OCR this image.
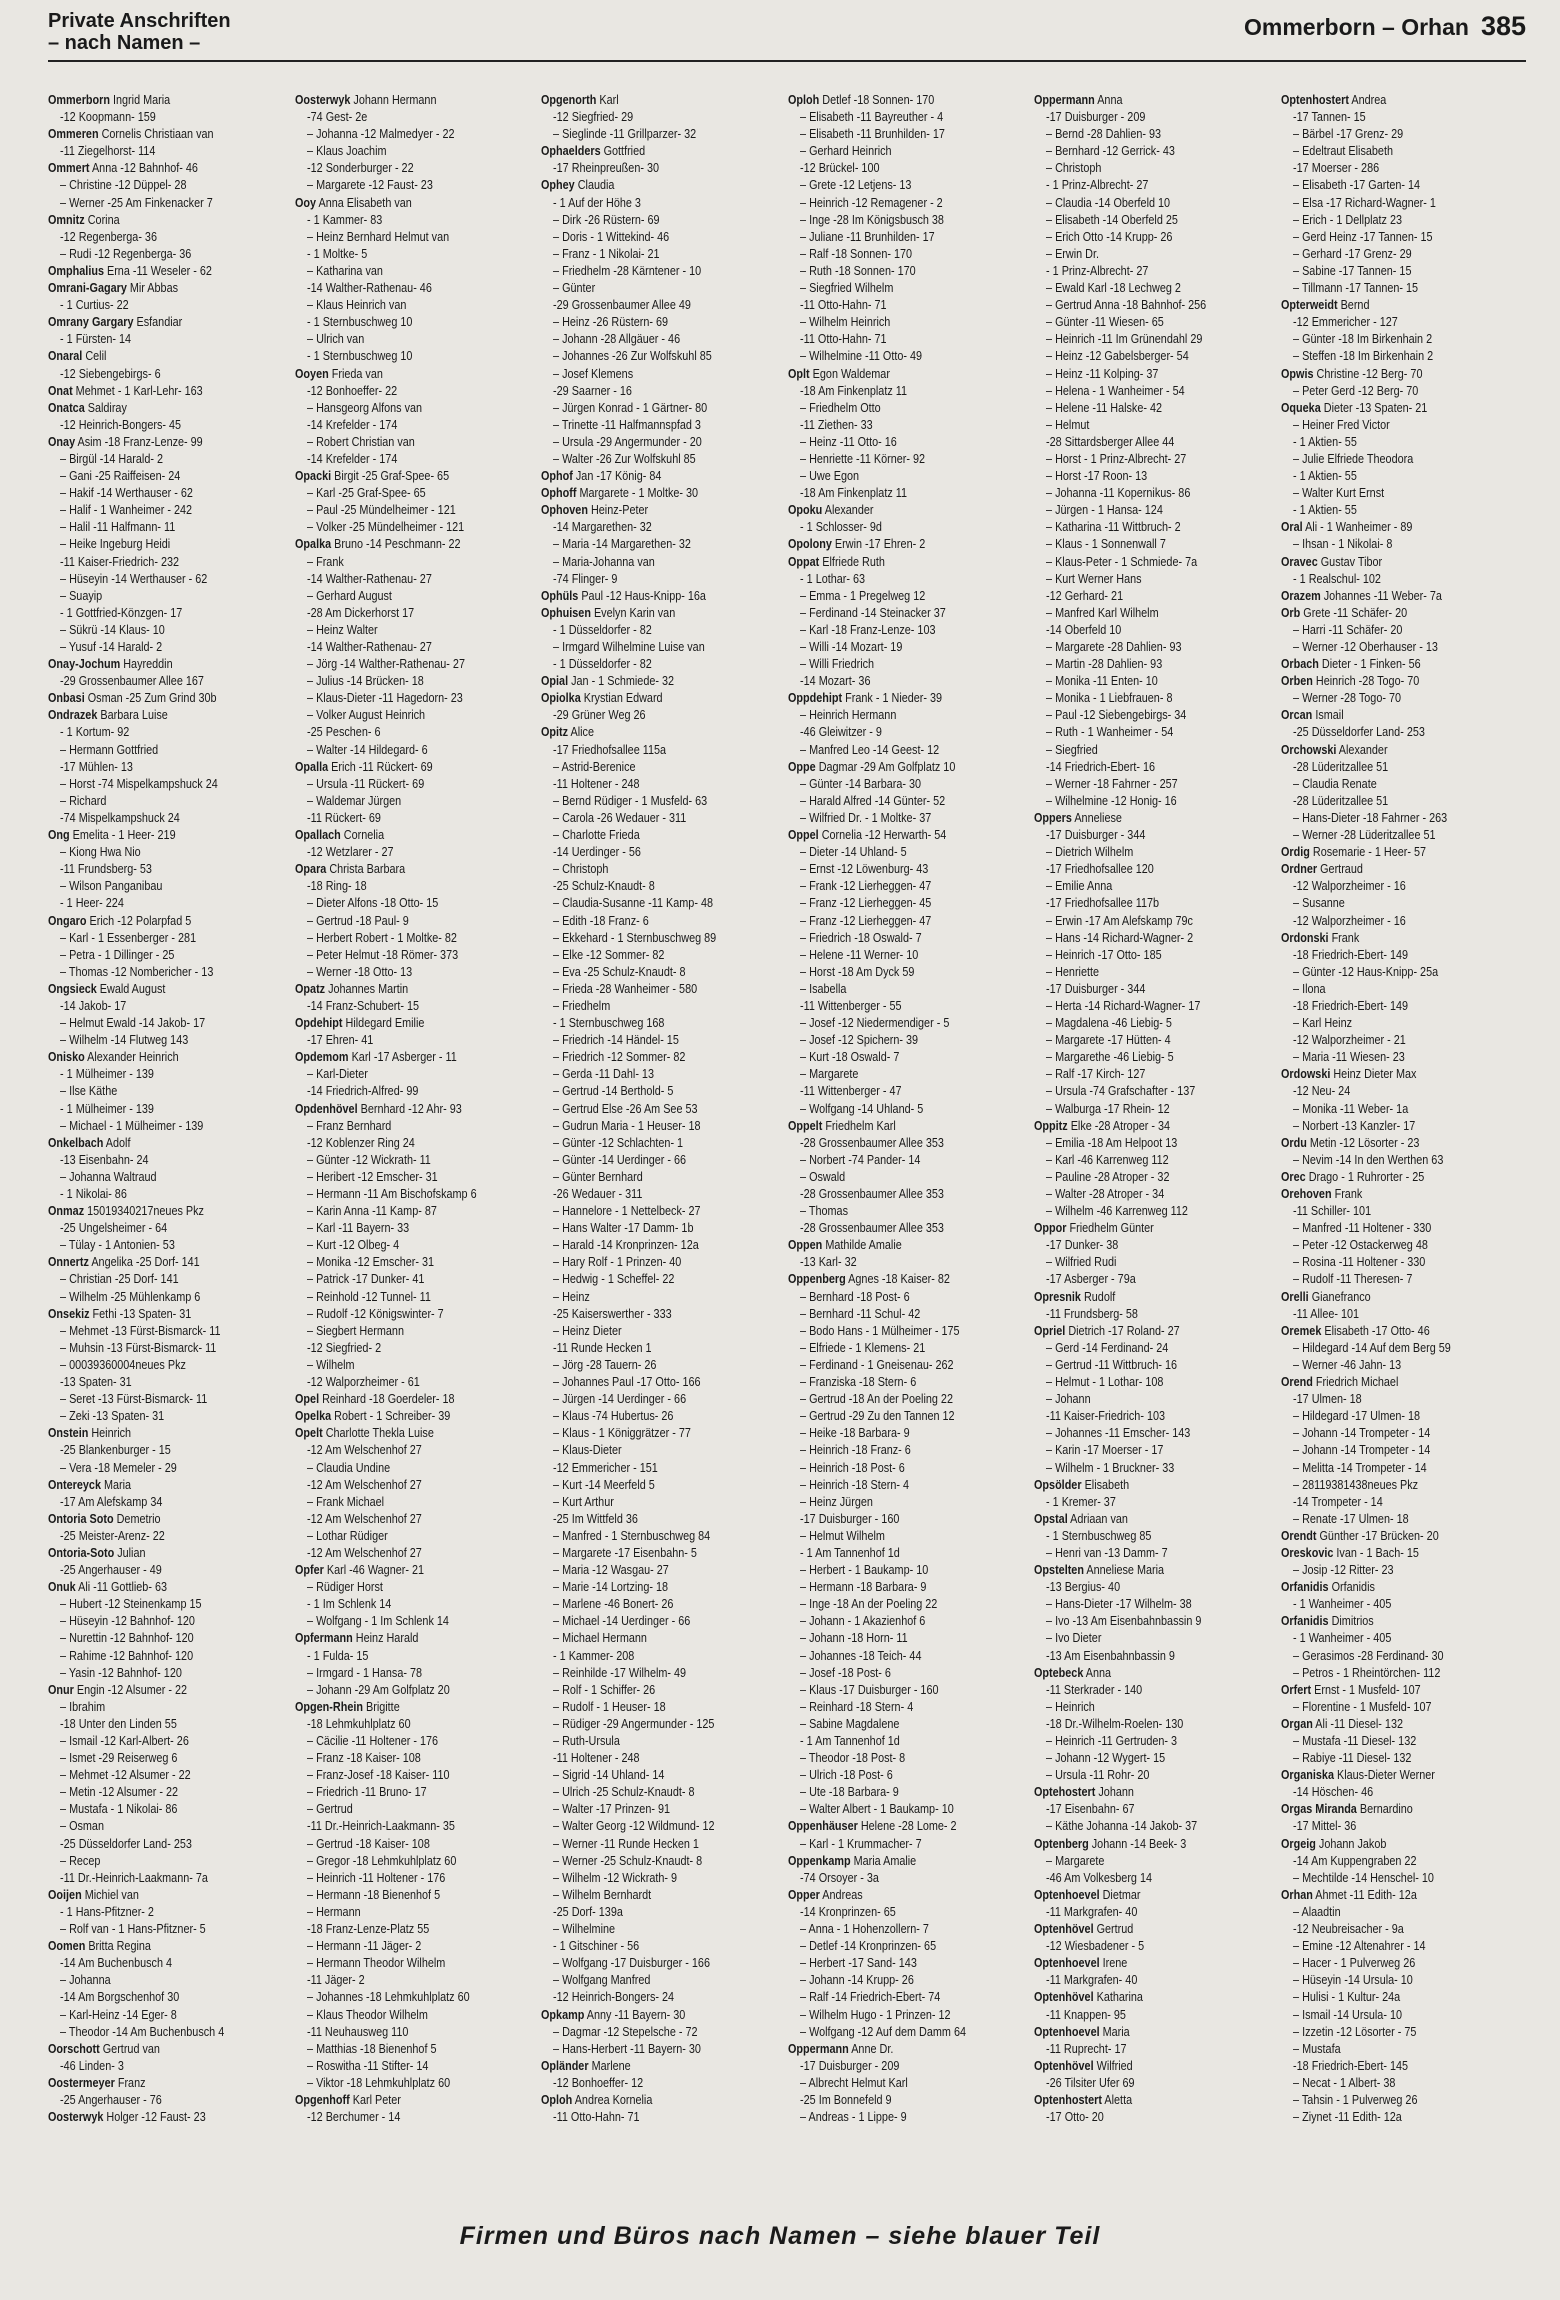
Private Anschriften
– nach Namen –
Ommerborn – Orhan 385
Ommerborn Ingrid Maria
-12 Koopmann- 159
Ommeren Cornelis Christiaan van
-11 Ziegelhorst- 114
Ommert Anna -12 Bahnhof- 46
– Christine -12 Düppel- 28
– Werner -25 Am Finkenacker 7
Omnitz Corina
-12 Regenberga- 36
– Rudi -12 Regenberga- 36
Omphalius Erna -11 Weseler - 62
Omrani-Gagary Mir Abbas
- 1 Curtius- 22
Omrany Gargary Esfandiar
- 1 Fürsten- 14
Onaral Celil
-12 Siebengebirgs- 6
Onat Mehmet - 1 Karl-Lehr- 163
Onatca Saldiray
-12 Heinrich-Bongers- 45
Onay Asim -18 Franz-Lenze- 99
– Birgül -14 Harald- 2
– Gani -25 Raiffeisen- 24
– Hakif -14 Werthauser - 62
– Halif - 1 Wanheimer - 242
– Halil -11 Halfmann- 11
– Heike Ingeburg Heidi
-11 Kaiser-Friedrich- 232
– Hüseyin -14 Werthauser - 62
– Suayip
- 1 Gottfried-Könzgen- 17
– Sükrü -14 Klaus- 10
– Yusuf -14 Harald- 2
Onay-Jochum Hayreddin
-29 Grossenbaumer Allee 167
Onbasi Osman -25 Zum Grind 30b
Ondrazek Barbara Luise
- 1 Kortum- 92
– Hermann Gottfried
-17 Mühlen- 13
– Horst -74 Mispelkampshuck 24
– Richard
-74 Mispelkampshuck 24
Ong Emelita - 1 Heer- 219
– Kiong Hwa Nio
-11 Frundsberg- 53
– Wilson Panganibau
- 1 Heer- 224
Ongaro Erich -12 Polarpfad 5
– Karl - 1 Essenberger - 281
– Petra - 1 Dillinger - 25
– Thomas -12 Nombericher - 13
Ongsieck Ewald August
-14 Jakob- 17
– Helmut Ewald -14 Jakob- 17
– Wilhelm -14 Flutweg 143
Onisko Alexander Heinrich
- 1 Mülheimer - 139
– Ilse Käthe
- 1 Mülheimer - 139
– Michael - 1 Mülheimer - 139
Onkelbach Adolf
-13 Eisenbahn- 24
– Johanna Waltraud
- 1 Nikolai- 86
Onmaz 15019340217neues Pkz
-25 Ungelsheimer - 64
– Tülay - 1 Antonien- 53
Onnertz Angelika -25 Dorf- 141
– Christian -25 Dorf- 141
– Wilhelm -25 Mühlenkamp 6
Onsekiz Fethi -13 Spaten- 31
– Mehmet -13 Fürst-Bismarck- 11
– Muhsin -13 Fürst-Bismarck- 11
– 00039360004neues Pkz
-13 Spaten- 31
– Seret -13 Fürst-Bismarck- 11
– Zeki -13 Spaten- 31
Onstein Heinrich
-25 Blankenburger - 15
– Vera -18 Memeler - 29
Ontereyck Maria
-17 Am Alefskamp 34
Ontoria Soto Demetrio
-25 Meister-Arenz- 22
Ontoria-Soto Julian
-25 Angerhauser - 49
Onuk Ali -11 Gottlieb- 63
– Hubert -12 Steinenkamp 15
– Hüseyin -12 Bahnhof- 120
– Nurettin -12 Bahnhof- 120
– Rahime -12 Bahnhof- 120
– Yasin -12 Bahnhof- 120
Onur Engin -12 Alsumer - 22
– Ibrahim
-18 Unter den Linden 55
– Ismail -12 Karl-Albert- 26
– Ismet -29 Reiserweg 6
– Mehmet -12 Alsumer - 22
– Metin -12 Alsumer - 22
– Mustafa - 1 Nikolai- 86
– Osman
-25 Düsseldorfer Land- 253
– Recep
-11 Dr.-Heinrich-Laakmann- 7a
Ooijen Michiel van
- 1 Hans-Pfitzner- 2
– Rolf van - 1 Hans-Pfitzner- 5
Oomen Britta Regina
-14 Am Buchenbusch 4
– Johanna
-14 Am Borgschenhof 30
– Karl-Heinz -14 Eger- 8
– Theodor -14 Am Buchenbusch 4
Oorschott Gertrud van
-46 Linden- 3
Oostermeyer Franz
-25 Angerhauser - 76
Oosterwyk Holger -12 Faust- 23
Oosterwyk Johann Hermann
-74 Gest- 2e
– Johanna -12 Malmedyer - 22
– Klaus Joachim
-12 Sonderburger - 22
– Margarete -12 Faust- 23
Ooy Anna Elisabeth van
- 1 Kammer- 83
– Heinz Bernhard Helmut van
- 1 Moltke- 5
– Katharina van
-14 Walther-Rathenau- 46
– Klaus Heinrich van
- 1 Sternbuschweg 10
– Ulrich van
- 1 Sternbuschweg 10
Ooyen Frieda van
-12 Bonhoeffer- 22
– Hansgeorg Alfons van
-14 Krefelder - 174
– Robert Christian van
-14 Krefelder - 174
Opacki Birgit -25 Graf-Spee- 65
– Karl -25 Graf-Spee- 65
– Paul -25 Mündelheimer - 121
– Volker -25 Mündelheimer - 121
Opalka Bruno -14 Peschmann- 22
– Frank
-14 Walther-Rathenau- 27
– Gerhard August
-28 Am Dickerhorst 17
– Heinz Walter
-14 Walther-Rathenau- 27
– Jörg -14 Walther-Rathenau- 27
– Julius -14 Brücken- 18
– Klaus-Dieter -11 Hagedorn- 23
– Volker August Heinrich
-25 Peschen- 6
– Walter -14 Hildegard- 6
Opalla Erich -11 Rückert- 69
– Ursula -11 Rückert- 69
– Waldemar Jürgen
-11 Rückert- 69
Opallach Cornelia
-12 Wetzlarer - 27
Opara Christa Barbara
-18 Ring- 18
– Dieter Alfons -18 Otto- 15
– Gertrud -18 Paul- 9
– Herbert Robert - 1 Moltke- 82
– Peter Helmut -18 Römer- 373
– Werner -18 Otto- 13
Opatz Johannes Martin
-14 Franz-Schubert- 15
Opdehipt Hildegard Emilie
-17 Ehren- 41
Opdemom Karl -17 Asberger - 11
– Karl-Dieter
-14 Friedrich-Alfred- 99
Opdenhövel Bernhard -12 Ahr- 93
– Franz Bernhard
-12 Koblenzer Ring 24
– Günter -12 Wickrath- 11
– Heribert -12 Emscher- 31
– Hermann -11 Am Bischofskamp 6
– Karin Anna -11 Kamp- 87
– Karl -11 Bayern- 33
– Kurt -12 Olbeg- 4
– Monika -12 Emscher- 31
– Patrick -17 Dunker- 41
– Reinhold -12 Tunnel- 11
– Rudolf -12 Königswinter- 7
– Siegbert Hermann
-12 Siegfried- 2
– Wilhelm
-12 Walporzheimer - 61
Opel Reinhard -18 Goerdeler- 18
Opelka Robert - 1 Schreiber- 39
Opelt Charlotte Thekla Luise
-12 Am Welschenhof 27
– Claudia Undine
-12 Am Welschenhof 27
– Frank Michael
-12 Am Welschenhof 27
– Lothar Rüdiger
-12 Am Welschenhof 27
Opfer Karl -46 Wagner- 21
– Rüdiger Horst
- 1 Im Schlenk 14
– Wolfgang - 1 Im Schlenk 14
Opfermann Heinz Harald
- 1 Fulda- 15
– Irmgard - 1 Hansa- 78
– Johann -29 Am Golfplatz 20
Opgen-Rhein Brigitte
-18 Lehmkuhlplatz 60
– Cäcilie -11 Holtener - 176
– Franz -18 Kaiser- 108
– Franz-Josef -18 Kaiser- 110
– Friedrich -11 Bruno- 17
– Gertrud
-11 Dr.-Heinrich-Laakmann- 35
– Gertrud -18 Kaiser- 108
– Gregor -18 Lehmkuhlplatz 60
– Heinrich -11 Holtener - 176
– Hermann -18 Bienenhof 5
– Hermann
-18 Franz-Lenze-Platz 55
– Hermann -11 Jäger- 2
– Hermann Theodor Wilhelm
-11 Jäger- 2
– Johannes -18 Lehmkuhlplatz 60
– Klaus Theodor Wilhelm
-11 Neuhausweg 110
– Matthias -18 Bienenhof 5
– Roswitha -11 Stifter- 14
– Viktor -18 Lehmkuhlplatz 60
Opgenhoff Karl Peter
-12 Berchumer - 14
Opgenorth Karl
-12 Siegfried- 29
– Sieglinde -11 Grillparzer- 32
Ophaelders Gottfried
-17 Rheinpreußen- 30
Ophey Claudia
- 1 Auf der Höhe 3
– Dirk -26 Rüstern- 69
– Doris - 1 Wittekind- 46
– Franz - 1 Nikolai- 21
– Friedhelm -28 Kärntener - 10
– Günter
-29 Grossenbaumer Allee 49
– Heinz -26 Rüstern- 69
– Johann -28 Allgäuer - 46
– Johannes -26 Zur Wolfskuhl 85
– Josef Klemens
-29 Saarner - 16
– Jürgen Konrad - 1 Gärtner- 80
– Trinette -11 Halfmannspfad 3
– Ursula -29 Angermunder - 20
– Walter -26 Zur Wolfskuhl 85
Ophof Jan -17 König- 84
Ophoff Margarete - 1 Moltke- 30
Ophoven Heinz-Peter
-14 Margarethen- 32
– Maria -14 Margarethen- 32
– Maria-Johanna van
-74 Flinger- 9
Ophüls Paul -12 Haus-Knipp- 16a
Ophuisen Evelyn Karin van
- 1 Düsseldorfer - 82
– Irmgard Wilhelmine Luise van
- 1 Düsseldorfer - 82
Opial Jan - 1 Schmiede- 32
Opiolka Krystian Edward
-29 Grüner Weg 26
Opitz Alice
-17 Friedhofsallee 115a
– Astrid-Berenice
-11 Holtener - 248
– Bernd Rüdiger - 1 Musfeld- 63
– Carola -26 Wedauer - 311
– Charlotte Frieda
-14 Uerdinger - 56
– Christoph
-25 Schulz-Knaudt- 8
– Claudia-Susanne -11 Kamp- 48
– Edith -18 Franz- 6
– Ekkehard - 1 Sternbuschweg 89
– Elke -12 Sommer- 82
– Eva -25 Schulz-Knaudt- 8
– Frieda -28 Wanheimer - 580
– Friedhelm
- 1 Sternbuschweg 168
– Friedrich -14 Händel- 15
– Friedrich -12 Sommer- 82
– Gerda -11 Dahl- 13
– Gertrud -14 Berthold- 5
– Gertrud Else -26 Am See 53
– Gudrun Maria - 1 Heuser- 18
– Günter -12 Schlachten- 1
– Günter -14 Uerdinger - 66
– Günter Bernhard
-26 Wedauer - 311
– Hannelore - 1 Nettelbeck- 27
– Hans Walter -17 Damm- 1b
– Harald -14 Kronprinzen- 12a
– Hary Rolf - 1 Prinzen- 40
– Hedwig - 1 Scheffel- 22
– Heinz
-25 Kaiserswerther - 333
– Heinz Dieter
-11 Runde Hecken 1
– Jörg -28 Tauern- 26
– Johannes Paul -17 Otto- 166
– Jürgen -14 Uerdinger - 66
– Klaus -74 Hubertus- 26
– Klaus - 1 Königgrätzer - 77
– Klaus-Dieter
-12 Emmericher - 151
– Kurt -14 Meerfeld 5
– Kurt Arthur
-25 Im Wittfeld 36
– Manfred - 1 Sternbuschweg 84
– Margarete -17 Eisenbahn- 5
– Maria -12 Wasgau- 27
– Marie -14 Lortzing- 18
– Marlene -46 Bonert- 26
– Michael -14 Uerdinger - 66
– Michael Hermann
- 1 Kammer- 208
– Reinhilde -17 Wilhelm- 49
– Rolf - 1 Schiffer- 26
– Rudolf - 1 Heuser- 18
– Rüdiger -29 Angermunder - 125
– Ruth-Ursula
-11 Holtener - 248
– Sigrid -14 Uhland- 14
– Ulrich -25 Schulz-Knaudt- 8
– Walter -17 Prinzen- 91
– Walter Georg -12 Wildmund- 12
– Werner -11 Runde Hecken 1
– Werner -25 Schulz-Knaudt- 8
– Wilhelm -12 Wickrath- 9
– Wilhelm Bernhardt
-25 Dorf- 139a
– Wilhelmine
- 1 Gitschiner - 56
– Wolfgang -17 Duisburger - 166
– Wolfgang Manfred
-12 Heinrich-Bongers- 24
Opkamp Anny -11 Bayern- 30
– Dagmar -12 Stepelsche - 72
– Hans-Herbert -11 Bayern- 30
Opländer Marlene
-12 Bonhoeffer- 12
Oploh Andrea Kornelia
-11 Otto-Hahn- 71
Oploh Detlef -18 Sonnen- 170
– Elisabeth -11 Bayreuther - 4
– Elisabeth -11 Brunhilden- 17
– Gerhard Heinrich
-12 Brückel- 100
– Grete -12 Letjens- 13
– Heinrich -12 Remagener - 2
– Inge -28 Im Königsbusch 38
– Juliane -11 Brunhilden- 17
– Ralf -18 Sonnen- 170
– Ruth -18 Sonnen- 170
– Siegfried Wilhelm
-11 Otto-Hahn- 71
– Wilhelm Heinrich
-11 Otto-Hahn- 71
– Wilhelmine -11 Otto- 49
Oplt Egon Waldemar
-18 Am Finkenplatz 11
– Friedhelm Otto
-11 Ziethen- 33
– Heinz -11 Otto- 16
– Henriette -11 Körner- 92
– Uwe Egon
-18 Am Finkenplatz 11
Opoku Alexander
- 1 Schlosser- 9d
Opolony Erwin -17 Ehren- 2
Oppat Elfriede Ruth
- 1 Lothar- 63
– Emma - 1 Pregelweg 12
– Ferdinand -14 Steinacker 37
– Karl -18 Franz-Lenze- 103
– Willi -14 Mozart- 19
– Willi Friedrich
-14 Mozart- 36
Oppdehipt Frank - 1 Nieder- 39
– Heinrich Hermann
-46 Gleiwitzer - 9
– Manfred Leo -14 Geest- 12
Oppe Dagmar -29 Am Golfplatz 10
– Günter -14 Barbara- 30
– Harald Alfred -14 Günter- 52
– Wilfried Dr. - 1 Moltke- 37
Oppel Cornelia -12 Herwarth- 54
– Dieter -14 Uhland- 5
– Ernst -12 Löwenburg- 43
– Frank -12 Lierheggen- 47
– Franz -12 Lierheggen- 45
– Franz -12 Lierheggen- 47
– Friedrich -18 Oswald- 7
– Helene -11 Werner- 10
– Horst -18 Am Dyck 59
– Isabella
-11 Wittenberger - 55
– Josef -12 Niedermendiger - 5
– Josef -12 Spichern- 39
– Kurt -18 Oswald- 7
– Margarete
-11 Wittenberger - 47
– Wolfgang -14 Uhland- 5
Oppelt Friedhelm Karl
-28 Grossenbaumer Allee 353
– Norbert -74 Pander- 14
– Oswald
-28 Grossenbaumer Allee 353
– Thomas
-28 Grossenbaumer Allee 353
Oppen Mathilde Amalie
-13 Karl- 32
Oppenberg Agnes -18 Kaiser- 82
– Bernhard -18 Post- 6
– Bernhard -11 Schul- 42
– Bodo Hans - 1 Mülheimer - 175
– Elfriede - 1 Klemens- 21
– Ferdinand - 1 Gneisenau- 262
– Franziska -18 Stern- 6
– Gertrud -18 An der Poeling 22
– Gertrud -29 Zu den Tannen 12
– Heike -18 Barbara- 9
– Heinrich -18 Franz- 6
– Heinrich -18 Post- 6
– Heinrich -18 Stern- 4
– Heinz Jürgen
-17 Duisburger - 160
– Helmut Wilhelm
- 1 Am Tannenhof 1d
– Herbert - 1 Baukamp- 10
– Hermann -18 Barbara- 9
– Inge -18 An der Poeling 22
– Johann - 1 Akazienhof 6
– Johann -18 Horn- 11
– Johannes -18 Teich- 44
– Josef -18 Post- 6
– Klaus -17 Duisburger - 160
– Reinhard -18 Stern- 4
– Sabine Magdalene
- 1 Am Tannenhof 1d
– Theodor -18 Post- 8
– Ulrich -18 Post- 6
– Ute -18 Barbara- 9
– Walter Albert - 1 Baukamp- 10
Oppenhäuser Helene -28 Lome- 2
– Karl - 1 Krummacher- 7
Oppenkamp Maria Amalie
-74 Orsoyer - 3a
Opper Andreas
-14 Kronprinzen- 65
– Anna - 1 Hohenzollern- 7
– Detlef -14 Kronprinzen- 65
– Herbert -17 Sand- 143
– Johann -14 Krupp- 26
– Ralf -14 Friedrich-Ebert- 74
– Wilhelm Hugo - 1 Prinzen- 12
– Wolfgang -12 Auf dem Damm 64
Oppermann Anne Dr.
-17 Duisburger - 209
– Albrecht Helmut Karl
-25 Im Bonnefeld 9
– Andreas - 1 Lippe- 9
Oppermann Anna
-17 Duisburger - 209
– Bernd -28 Dahlien- 93
– Bernhard -12 Gerrick- 43
– Christoph
- 1 Prinz-Albrecht- 27
– Claudia -14 Oberfeld 10
– Elisabeth -14 Oberfeld 25
– Erich Otto -14 Krupp- 26
– Erwin Dr.
- 1 Prinz-Albrecht- 27
– Ewald Karl -18 Lechweg 2
– Gertrud Anna -18 Bahnhof- 256
– Günter -11 Wiesen- 65
– Heinrich -11 Im Grünendahl 29
– Heinz -12 Gabelsberger- 54
– Heinz -11 Kolping- 37
– Helena - 1 Wanheimer - 54
– Helene -11 Halske- 42
– Helmut
-28 Sittardsberger Allee 44
– Horst - 1 Prinz-Albrecht- 27
– Horst -17 Roon- 13
– Johanna -11 Kopernikus- 86
– Jürgen - 1 Hansa- 124
– Katharina -11 Wittbruch- 2
– Klaus - 1 Sonnenwall 7
– Klaus-Peter - 1 Schmiede- 7a
– Kurt Werner Hans
-12 Gerhard- 21
– Manfred Karl Wilhelm
-14 Oberfeld 10
– Margarete -28 Dahlien- 93
– Martin -28 Dahlien- 93
– Monika -11 Enten- 10
– Monika - 1 Liebfrauen- 8
– Paul -12 Siebengebirgs- 34
– Ruth - 1 Wanheimer - 54
– Siegfried
-14 Friedrich-Ebert- 16
– Werner -18 Fahrner - 257
– Wilhelmine -12 Honig- 16
Oppers Anneliese
-17 Duisburger - 344
– Dietrich Wilhelm
-17 Friedhofsallee 120
– Emilie Anna
-17 Friedhofsallee 117b
– Erwin -17 Am Alefskamp 79c
– Hans -14 Richard-Wagner- 2
– Heinrich -17 Otto- 185
– Henriette
-17 Duisburger - 344
– Herta -14 Richard-Wagner- 17
– Magdalena -46 Liebig- 5
– Margarete -17 Hütten- 4
– Margarethe -46 Liebig- 5
– Ralf -17 Kirch- 127
– Ursula -74 Grafschafter - 137
– Walburga -17 Rhein- 12
Oppitz Elke -28 Atroper - 34
– Emilia -18 Am Helpoot 13
– Karl -46 Karrenweg 112
– Pauline -28 Atroper - 32
– Walter -28 Atroper - 34
– Wilhelm -46 Karrenweg 112
Oppor Friedhelm Günter
-17 Dunker- 38
– Wilfried Rudi
-17 Asberger - 79a
Opresnik Rudolf
-11 Frundsberg- 58
Opriel Dietrich -17 Roland- 27
– Gerd -14 Ferdinand- 24
– Gertrud -11 Wittbruch- 16
– Helmut - 1 Lothar- 108
– Johann
-11 Kaiser-Friedrich- 103
– Johannes -11 Emscher- 143
– Karin -17 Moerser - 17
– Wilhelm - 1 Bruckner- 33
Opsölder Elisabeth
- 1 Kremer- 37
Opstal Adriaan van
- 1 Sternbuschweg 85
– Henri van -13 Damm- 7
Opstelten Anneliese Maria
-13 Bergius- 40
– Hans-Dieter -17 Wilhelm- 38
– Ivo -13 Am Eisenbahnbassin 9
– Ivo Dieter
-13 Am Eisenbahnbassin 9
Optebeck Anna
-11 Sterkrader - 140
– Heinrich
-18 Dr.-Wilhelm-Roelen- 130
– Heinrich -11 Gertruden- 3
– Johann -12 Wygert- 15
– Ursula -11 Rohr- 20
Optehostert Johann
-17 Eisenbahn- 67
– Käthe Johanna -14 Jakob- 37
Optenberg Johann -14 Beek- 3
– Margarete
-46 Am Volkesberg 14
Optenhoevel Dietmar
-11 Markgrafen- 40
Optenhövel Gertrud
-12 Wiesbadener - 5
Optenhoevel Irene
-11 Markgrafen- 40
Optenhövel Katharina
-11 Knappen- 95
Optenhoevel Maria
-11 Ruprecht- 17
Optenhövel Wilfried
-26 Tilsiter Ufer 69
Optenhostert Aletta
-17 Otto- 20
Optenhostert Andrea
-17 Tannen- 15
– Bärbel -17 Grenz- 29
– Edeltraut Elisabeth
-17 Moerser - 286
– Elisabeth -17 Garten- 14
– Elsa -17 Richard-Wagner- 1
– Erich - 1 Dellplatz 23
– Gerd Heinz -17 Tannen- 15
– Gerhard -17 Grenz- 29
– Sabine -17 Tannen- 15
– Tillmann -17 Tannen- 15
Opterweidt Bernd
-12 Emmericher - 127
– Günter -18 Im Birkenhain 2
– Steffen -18 Im Birkenhain 2
Opwis Christine -12 Berg- 70
– Peter Gerd -12 Berg- 70
Oqueka Dieter -13 Spaten- 21
– Heiner Fred Victor
- 1 Aktien- 55
– Julie Elfriede Theodora
- 1 Aktien- 55
– Walter Kurt Ernst
- 1 Aktien- 55
Oral Ali - 1 Wanheimer - 89
– Ihsan - 1 Nikolai- 8
Oravec Gustav Tibor
- 1 Realschul- 102
Orazem Johannes -11 Weber- 7a
Orb Grete -11 Schäfer- 20
– Harri -11 Schäfer- 20
– Werner -12 Oberhauser - 13
Orbach Dieter - 1 Finken- 56
Orben Heinrich -28 Togo- 70
– Werner -28 Togo- 70
Orcan Ismail
-25 Düsseldorfer Land- 253
Orchowski Alexander
-28 Lüderitzallee 51
– Claudia Renate
-28 Lüderitzallee 51
– Hans-Dieter -18 Fahrner - 263
– Werner -28 Lüderitzallee 51
Ordig Rosemarie - 1 Heer- 57
Ordner Gertraud
-12 Walporzheimer - 16
– Susanne
-12 Walporzheimer - 16
Ordonski Frank
-18 Friedrich-Ebert- 149
– Günter -12 Haus-Knipp- 25a
– Ilona
-18 Friedrich-Ebert- 149
– Karl Heinz
-12 Walporzheimer - 21
– Maria -11 Wiesen- 23
Ordowski Heinz Dieter Max
-12 Neu- 24
– Monika -11 Weber- 1a
– Norbert -13 Kanzler- 17
Ordu Metin -12 Lösorter - 23
– Nevim -14 In den Werthen 63
Orec Drago - 1 Ruhrorter - 25
Orehoven Frank
-11 Schiller- 101
– Manfred -11 Holtener - 330
– Peter -12 Ostackerweg 48
– Rosina -11 Holtener - 330
– Rudolf -11 Theresen- 7
Orelli Gianefranco
-11 Allee- 101
Oremek Elisabeth -17 Otto- 46
– Hildegard -14 Auf dem Berg 59
– Werner -46 Jahn- 13
Orend Friedrich Michael
-17 Ulmen- 18
– Hildegard -17 Ulmen- 18
– Johann -14 Trompeter - 14
– Johann -14 Trompeter - 14
– Melitta -14 Trompeter - 14
– 28119381438neues Pkz
-14 Trompeter - 14
– Renate -17 Ulmen- 18
Orendt Günther -17 Brücken- 20
Oreskovic Ivan - 1 Bach- 15
– Josip -12 Ritter- 23
Orfanidis Orfanidis
- 1 Wanheimer - 405
Orfanidis Dimitrios
- 1 Wanheimer - 405
– Gerasimos -28 Ferdinand- 30
– Petros - 1 Rheintörchen- 112
Orfert Ernst - 1 Musfeld- 107
– Florentine - 1 Musfeld- 107
Organ Ali -11 Diesel- 132
– Mustafa -11 Diesel- 132
– Rabiye -11 Diesel- 132
Organiska Klaus-Dieter Werner
-14 Höschen- 46
Orgas Miranda Bernardino
-17 Mittel- 36
Orgeig Johann Jakob
-14 Am Kuppengraben 22
– Mechtilde -14 Henschel- 10
Orhan Ahmet -11 Edith- 12a
– Alaadtin
-12 Neubreisacher - 9a
– Emine -12 Altenahrer - 14
– Hacer - 1 Pulverweg 26
– Hüseyin -14 Ursula- 10
– Hulisi - 1 Kultur- 24a
– Ismail -14 Ursula- 10
– Izzetin -12 Lösorter - 75
– Mustafa
-18 Friedrich-Ebert- 145
– Necat - 1 Albert- 38
– Tahsin - 1 Pulverweg 26
– Ziynet -11 Edith- 12a
Firmen und Büros nach Namen – siehe blauer Teil
